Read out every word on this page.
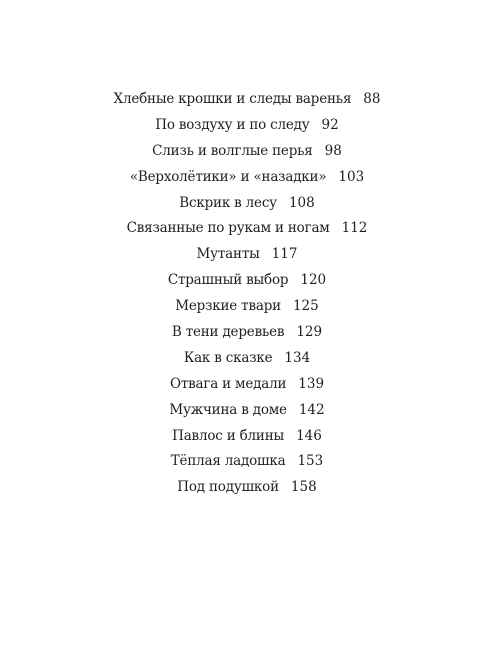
Хлебные крошки и следы варенья 88
По воздуху и по следу 92
Слизь и волглые перья 98
«Верхолётики» и «назадки» 103
Вскрик в лесу 108
Связанные по рукам и ногам 112
Мутанты 117
Страшный выбор 120
Мерзкие твари 125
В тени деревьев 129
Как в сказке 134
Отвага и медали 139
Мужчина в доме 142
Павлос и блины 146
Тёплая ладошка 153
Под подушкой 158
